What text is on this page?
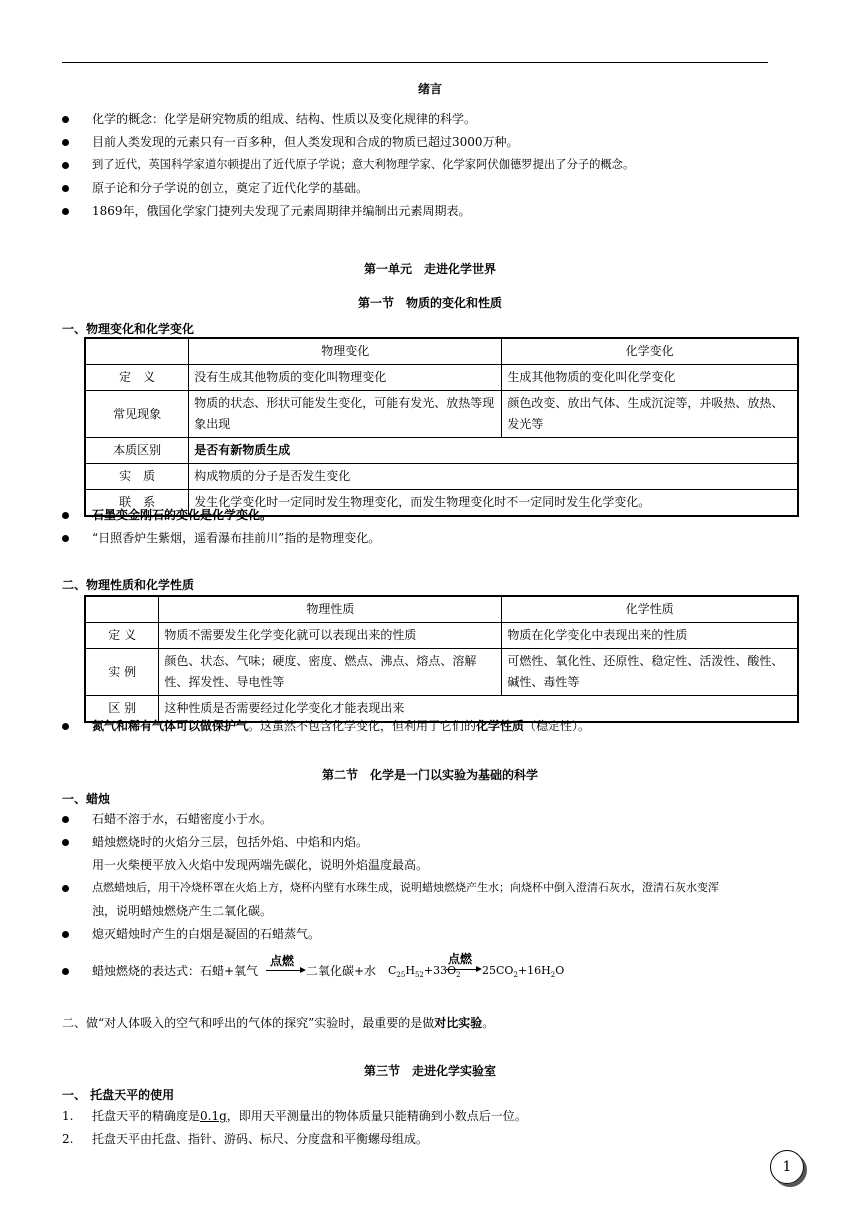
绪言
化学的概念：化学是研究物质的组成、结构、性质以及变化规律的科学。
目前人类发现的元素只有一百多种，但人类发现和合成的物质已超过3000万种。
到了近代，英国科学家道尔顿提出了近代原子学说；意大利物理学家、化学家阿伏伽德罗提出了分子的概念。
原子论和分子学说的创立，奠定了近代化学的基础。
1869年，俄国化学家门捷列夫发现了元素周期律并编制出元素周期表。
第一单元　走进化学世界
第一节　物质的变化和性质
一、物理变化和化学变化
	物理变化	化学变化
定　义	没有生成其他物质的变化叫物理变化	生成其他物质的变化叫化学变化
常见现象	物质的状态、形状可能发生变化，可能有发光、放热等现象出现	颜色改变、放出气体、生成沉淀等，并吸热、放热、发光等
本质区别	是否有新物质生成	
实　质	构成物质的分子是否发生变化	
联　系	发生化学变化时一定同时发生物理变化，而发生物理变化时不一定同时发生化学变化。	
石墨变金刚石的变化是化学变化。
“日照香炉生紫烟，遥看瀑布挂前川”指的是物理变化。
二、物理性质和化学性质
	物理性质	化学性质
定 义	物质不需要发生化学变化就可以表现出来的性质	物质在化学变化中表现出来的性质
实 例	颜色、状态、气味；硬度、密度、燃点、沸点、熔点、溶解性、挥发性、导电性等	可燃性、氧化性、还原性、稳定性、活泼性、酸性、碱性、毒性等
区 别	这种性质是否需要经过化学变化才能表现出来	
氮气和稀有气体可以做保护气。这虽然不包含化学变化，但利用了它们的化学性质（稳定性）。
第二节　化学是一门以实验为基础的科学
一、蜡烛
石蜡不溶于水，石蜡密度小于水。
蜡烛燃烧时的火焰分三层，包括外焰、中焰和内焰。
用一火柴梗平放入火焰中发现两端先碳化，说明外焰温度最高。
点燃蜡烛后，用干冷烧杯罩在火焰上方，烧杯内壁有水珠生成，说明蜡烛燃烧产生水；向烧杯中倒入澄清石灰水，澄清石灰水变浑
浊，说明蜡烛燃烧产生二氧化碳。
熄灭蜡烛时产生的白烟是凝固的石蜡蒸气。
蜡烛燃烧的表达式：石蜡+氧气
点燃
二氧化碳+水 $C_{25}H_{52}+33O_2$
点燃
$25CO_2+16H_2O$
二、做“对人体吸入的空气和呼出的气体的探究”实验时，最重要的是做对比实验。
第三节　走进化学实验室
一、 托盘天平的使用
1. 托盘天平的精确度是0.1g，即用天平测量出的物体质量只能精确到小数点后一位。
2. 托盘天平由托盘、指针、游码、标尺、分度盘和平衡螺母组成。
1
